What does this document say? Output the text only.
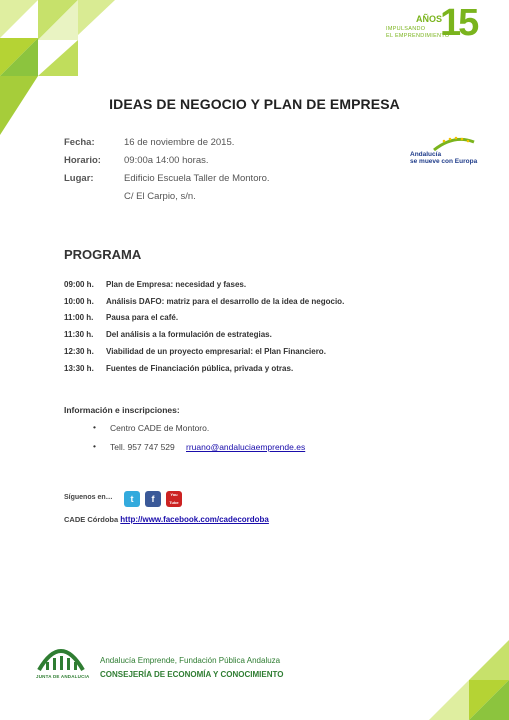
AÑOS
IMPULSANDO
EL EMPRENDIMIENTO
15
IDEAS DE NEGOCIO Y PLAN DE EMPRESA
Fecha:	16 de noviembre de 2015.
Horario: 09:00a 14:00 horas.
Lugar:	Edificio Escuela Taller de Montoro.
C/ El Carpio, s/n.
Andalucía
se mueve con Europa
PROGRAMA
09:00 h. Plan de Empresa: necesidad y fases.
10:00 h. Análisis DAFO: matriz para el desarrollo de la idea de negocio.
11:00 h. Pausa para el café.
11:30 h. Del análisis a la formulación de estrategias.
12:30 h. Viabilidad de un proyecto empresarial: el Plan Financiero.
13:30 h. Fuentes de Financiación pública, privada y otras.
Información e inscripciones:
• Centro CADE de Montoro.
• Tell. 957 747 529 rruano@andaluciaemprende.es
Síguenos en…	t	f	You Tube
CADE Córdoba http://www.facebook.com/cadecordoba
JUNTA DE ANDALUCIA
Andalucía Emprende, Fundación Pública Andaluza
CONSEJERÍA DE ECONOMÍA Y CONOCIMIENTO
